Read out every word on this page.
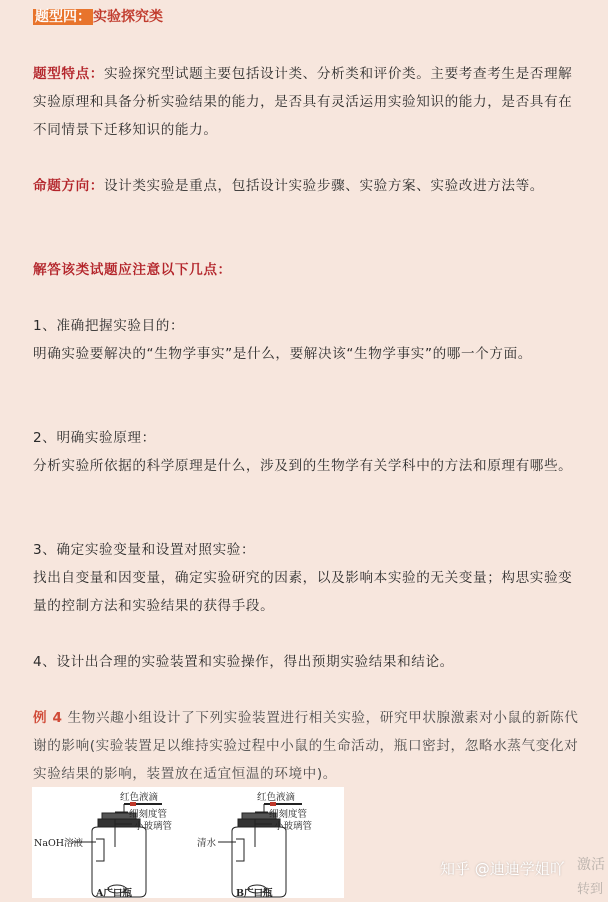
题型四： 实验探究类
题型特点：实验探究型试题主要包括设计类、分析类和评价类。主要考查考生是否理解实验原理和具备分析实验结果的能力，是否具有灵活运用实验知识的能力，是否具有在不同情景下迁移知识的能力。
命题方向：设计类实验是重点，包括设计实验步骤、实验方案、实验改进方法等。
解答该类试题应注意以下几点：
1、准确把握实验目的：
明确实验要解决的“生物学事实”是什么，要解决该“生物学事实”的哪一个方面。
2、明确实验原理：
分析实验所依据的科学原理是什么，涉及到的生物学有关学科中的方法和原理有哪些。
3、确定实验变量和设置对照实验：
找出自变量和因变量，确定实验研究的因素，以及影响本实验的无关变量；构思实验变量的控制方法和实验结果的获得手段。
4、设计出合理的实验装置和实验操作，得出预期实验结果和结论。
例 4 生物兴趣小组设计了下列实验装置进行相关实验，研究甲状腺激素对小鼠的新陈代谢的影响(实验装置足以维持实验过程中小鼠的生命活动，瓶口密封，忽略水蒸气变化对实验结果的影响，装置放在适宜恒温的环境中)。
红色液滴
细刻度管
小玻璃管
NaOH溶液
A广口瓶
红色液滴
细刻度管
小玻璃管
清水
B广口瓶
知乎 @迪迪学姐吖 激活
转到
